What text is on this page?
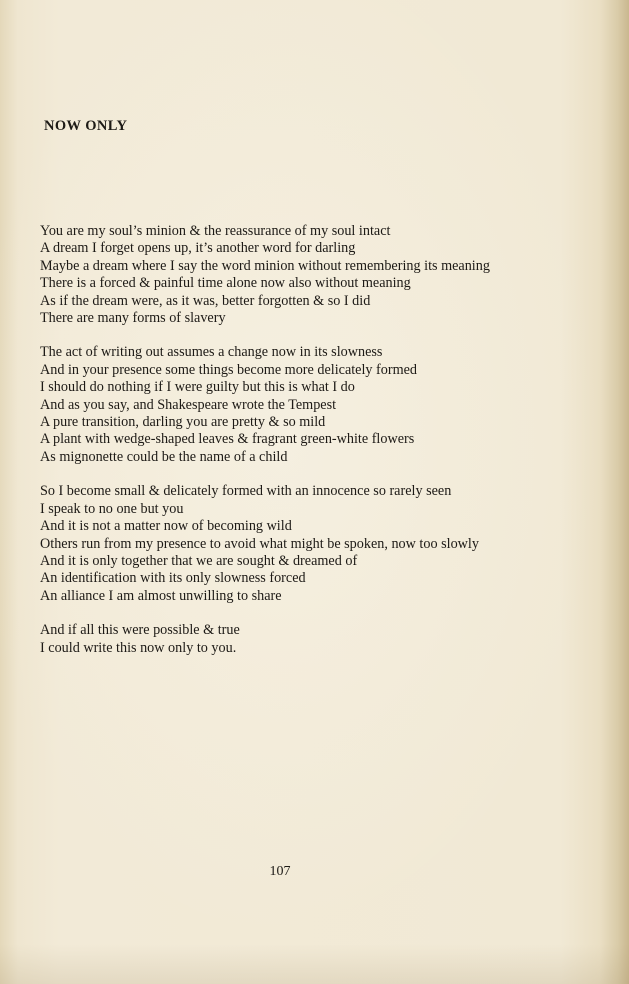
NOW ONLY
You are my soul’s minion & the reassurance of my soul intact
A dream I forget opens up, it’s another word for darling
Maybe a dream where I say the word minion without remembering its meaning
There is a forced & painful time alone now also without meaning
As if the dream were, as it was, better forgotten & so I did
There are many forms of slavery
The act of writing out assumes a change now in its slowness
And in your presence some things become more delicately formed
I should do nothing if I were guilty but this is what I do
And as you say, and Shakespeare wrote the Tempest
A pure transition, darling you are pretty & so mild
A plant with wedge-shaped leaves & fragrant green-white flowers
As mignonette could be the name of a child
So I become small & delicately formed with an innocence so rarely seen
I speak to no one but you
And it is not a matter now of becoming wild
Others run from my presence to avoid what might be spoken, now too slowly
And it is only together that we are sought & dreamed of
An identification with its only slowness forced
An alliance I am almost unwilling to share
And if all this were possible & true
I could write this now only to you.
107
